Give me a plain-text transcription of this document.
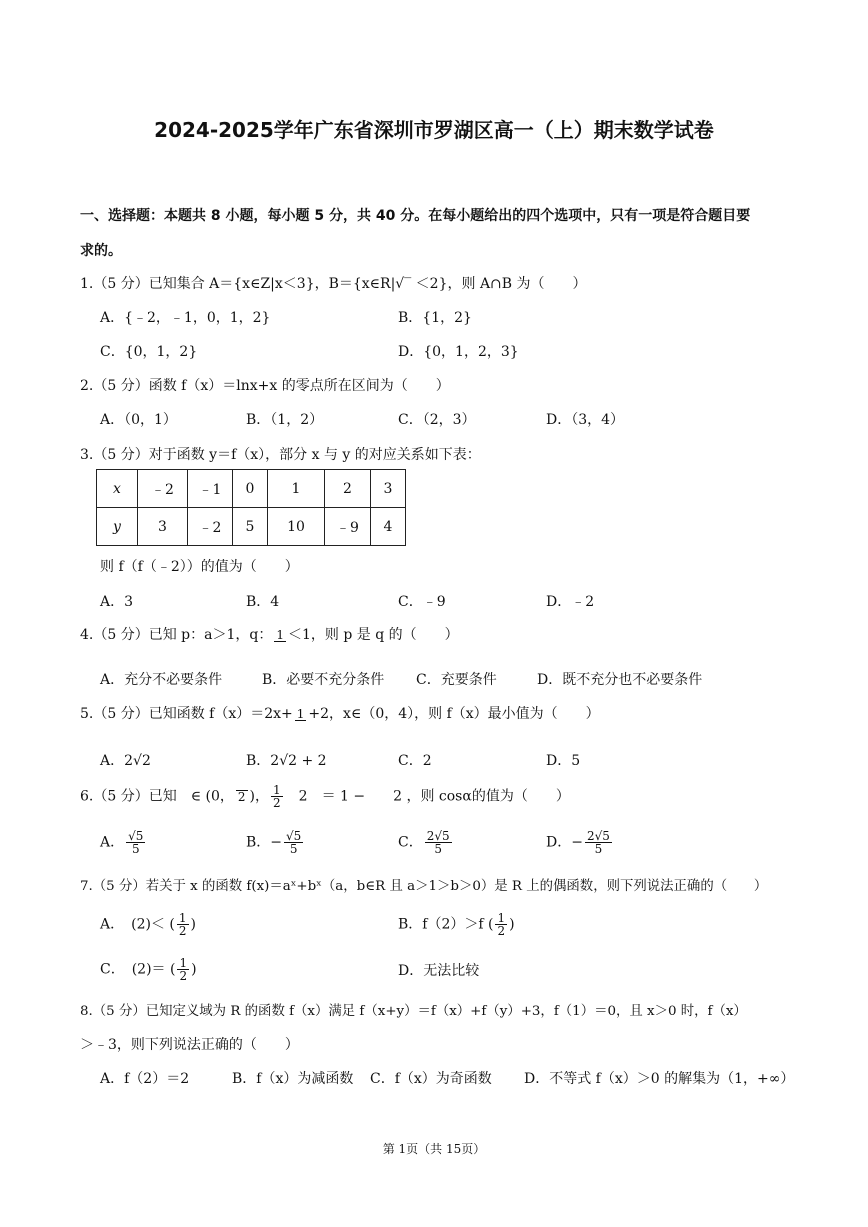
2024-2025学年广东省深圳市罗湖区高一（上）期末数学试卷
一、选择题：本题共 8 小题，每小题 5 分，共 40 分。在每小题给出的四个选项中，只有一项是符合题目要
求的。
1.（5 分）已知集合 A＝{x∈Z|x＜3}，B＝{x∈R|√‾ ＜2}，则 A∩B 为（　　）
A．{﹣2，﹣1，0，1，2}	B．{1，2}
C．{0，1，2}	D．{0，1，2，3}
2.（5 分）函数 f（x）＝lnx+x 的零点所在区间为（　　）
A．（0，1）	B．（1，2）	C．（2，3）	D．（3，4）
3.（5 分）对于函数 y＝f（x），部分 x 与 y 的对应关系如下表：
x	﹣2	﹣1	0	1	2	3
y	3	﹣2	5	10	﹣9	4
则 f（f（﹣2））的值为（　　）
A．3	B．4	C．﹣9	D．﹣2
4.（5 分）已知 p：a＞1，q： 1 ＜1，则 p 是 q 的（　　）
A．充分不必要条件	B．必要不充分条件 C．充要条件	D．既不充分也不必要条件
5.（5 分）已知函数 f（x）＝2x+ 1 +2，x∈（0，4），则 f（x）最小值为（　　）
A．2√2	B．2√2 + 2	C．2	D．5
6.（5 分）已知　∈ (0， 2 )， $\frac{1}{2}$ 　2　＝ 1 −　　2 ，则 cosα的值为（　　）
A． $\frac{√5}{5}$	B．− $\frac{√5}{5}$	C． $\frac{2√5}{5}$	D．− $\frac{2√5}{5}$
7.（5 分）若关于 x 的函数 f(x)＝aˣ+bˣ（a，b∈R 且 a＞1＞b＞0）是 R 上的偶函数，则下列说法正确的（　　）
A．　(2)＜ ( $\frac{1}{2}$ )	B．f（2）＞f ( $\frac{1}{2}$ )
C．　(2)＝ ( $\frac{1}{2}$ )	D．无法比较
8.（5 分）已知定义域为 R 的函数 f（x）满足 f（x+y）＝f（x）+f（y）+3，f（1）＝0，且 x＞0 时，f（x）
＞﹣3，则下列说法正确的（　　）
A．f（2）＝2	B．f（x）为减函数 C．f（x）为奇函数 D．不等式 f（x）＞0 的解集为（1，+∞）
第 1页（共 15页）
